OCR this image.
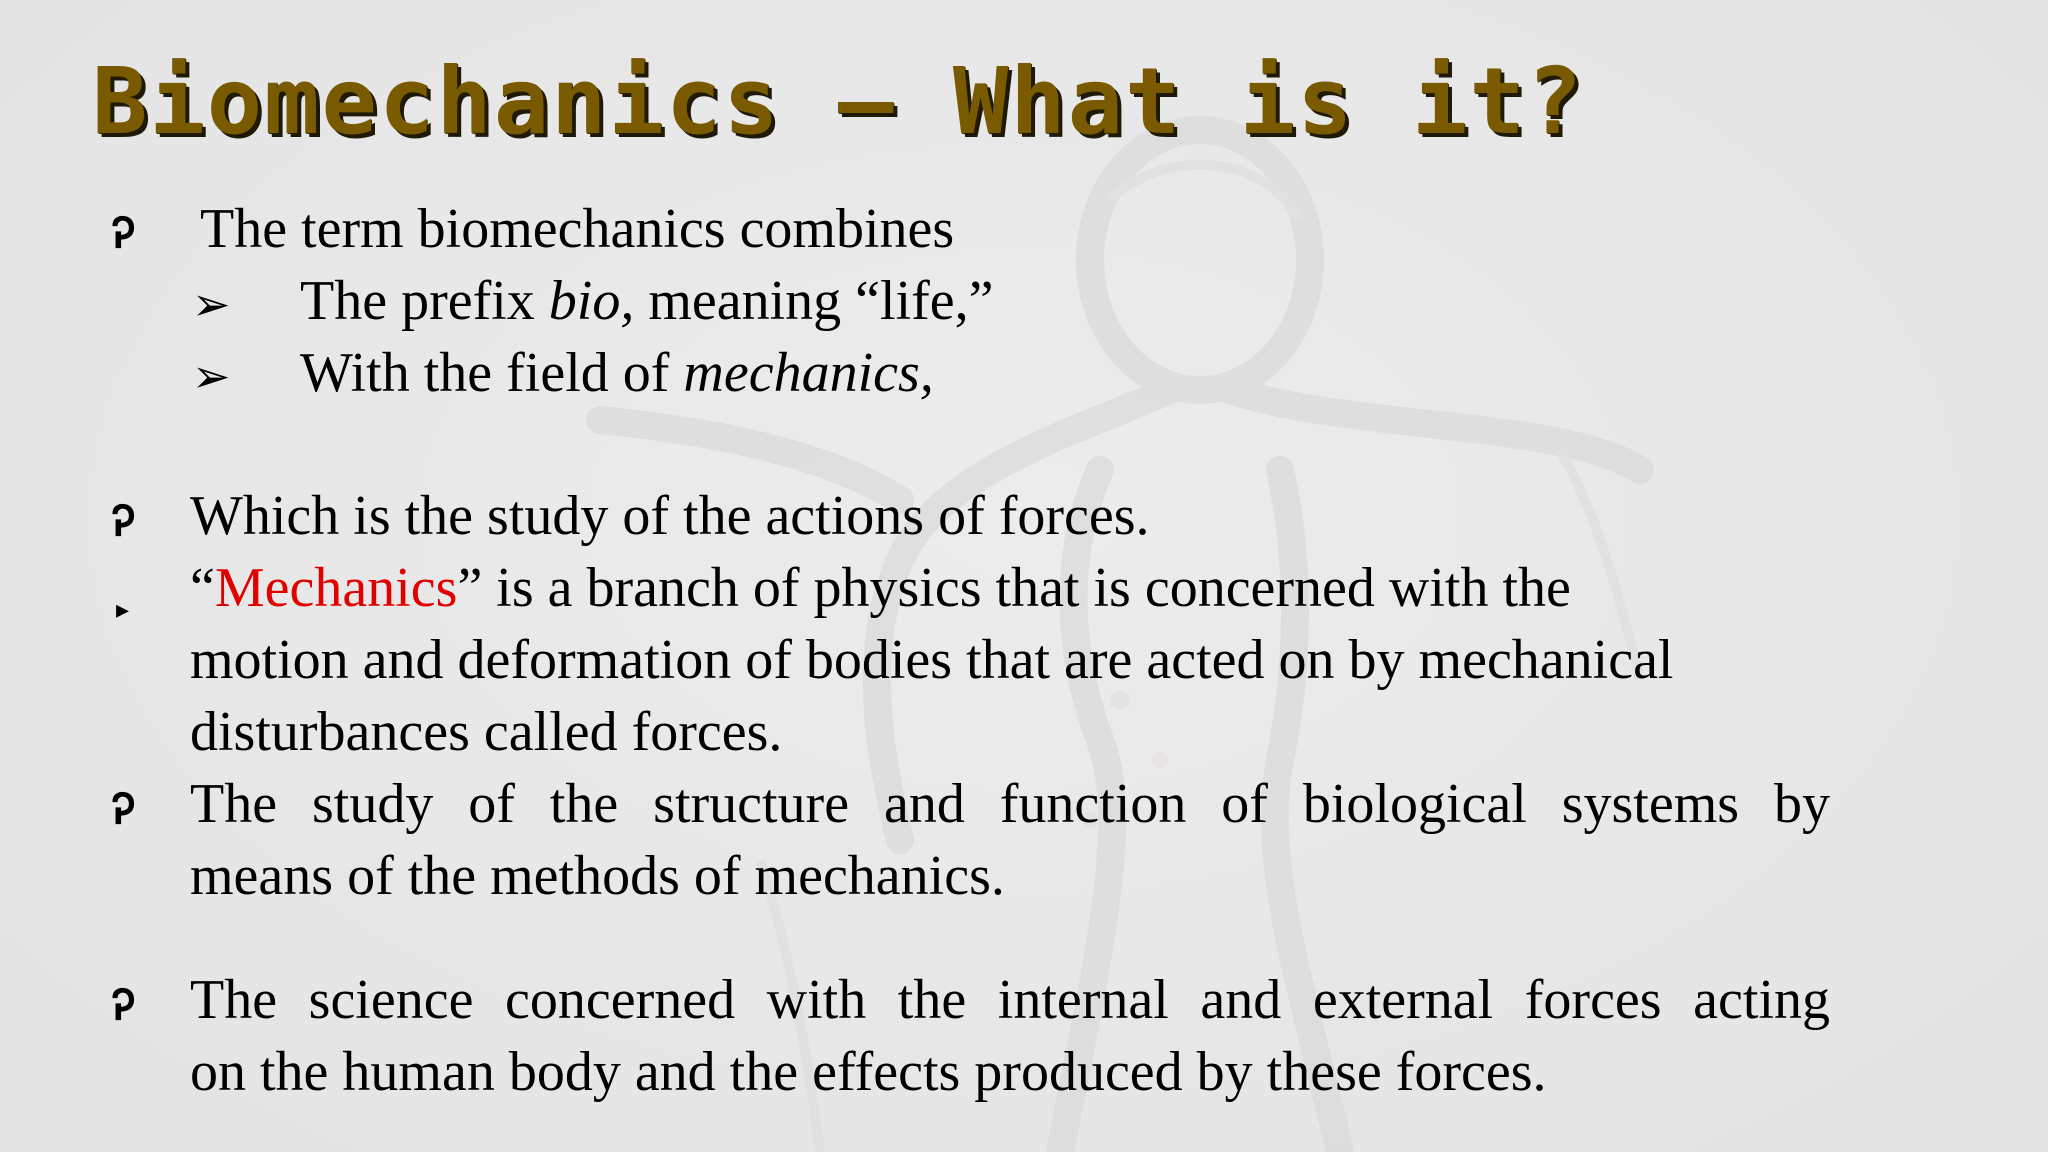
Biomechanics – What is it?
Ꭾ The term biomechanics combines
➢ The prefix bio, meaning “life,”
➢ With the field of mechanics,
Ꭾ Which is the study of the actions of forces.
▸ “Mechanics” is a branch of physics that is concerned with the
motion and deformation of bodies that are acted on by mechanical
disturbances called forces.
Ꭾ The study of the structure and function of biological systems by
means of the methods of mechanics.
Ꭾ The science concerned with the internal and external forces acting
on the human body and the effects produced by these forces.
